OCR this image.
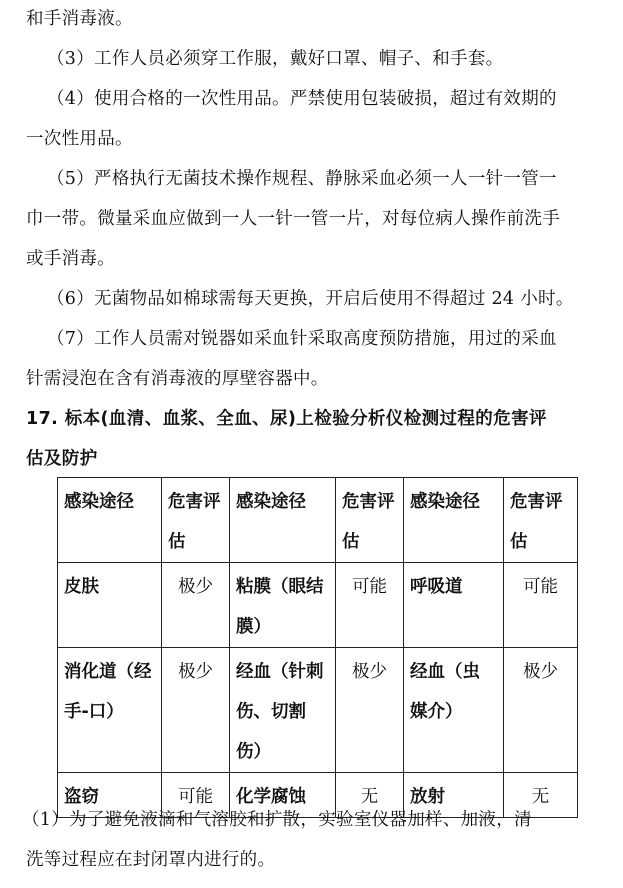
和手消毒液。
（3）工作人员必须穿工作服，戴好口罩、帽子、和手套。
（4）使用合格的一次性用品。严禁使用包装破损，超过有效期的
一次性用品。
（5）严格执行无菌技术操作规程、静脉采血必须一人一针一管一
巾一带。微量采血应做到一人一针一管一片，对每位病人操作前洗手
或手消毒。
（6）无菌物品如棉球需每天更换，开启后使用不得超过 24 小时。
（7）工作人员需对锐器如采血针采取高度预防措施，用过的采血
针需浸泡在含有消毒液的厚壁容器中。
17. 标本(血清、血浆、全血、尿)上检验分析仪检测过程的危害评
估及防护
感染途径	危害评估	感染途径	危害评估	感染途径	危害评估
皮肤	极少	粘膜（眼结膜）	可能	呼吸道	可能
消化道（经手-口）	极少	经血（针刺伤、切割伤）	极少	经血（虫媒介）	极少
盗窃	可能	化学腐蚀	无	放射	无
（1）为了避免液滴和气溶胶和扩散，实验室仪器加样、加液，清
洗等过程应在封闭罩内进行的。
